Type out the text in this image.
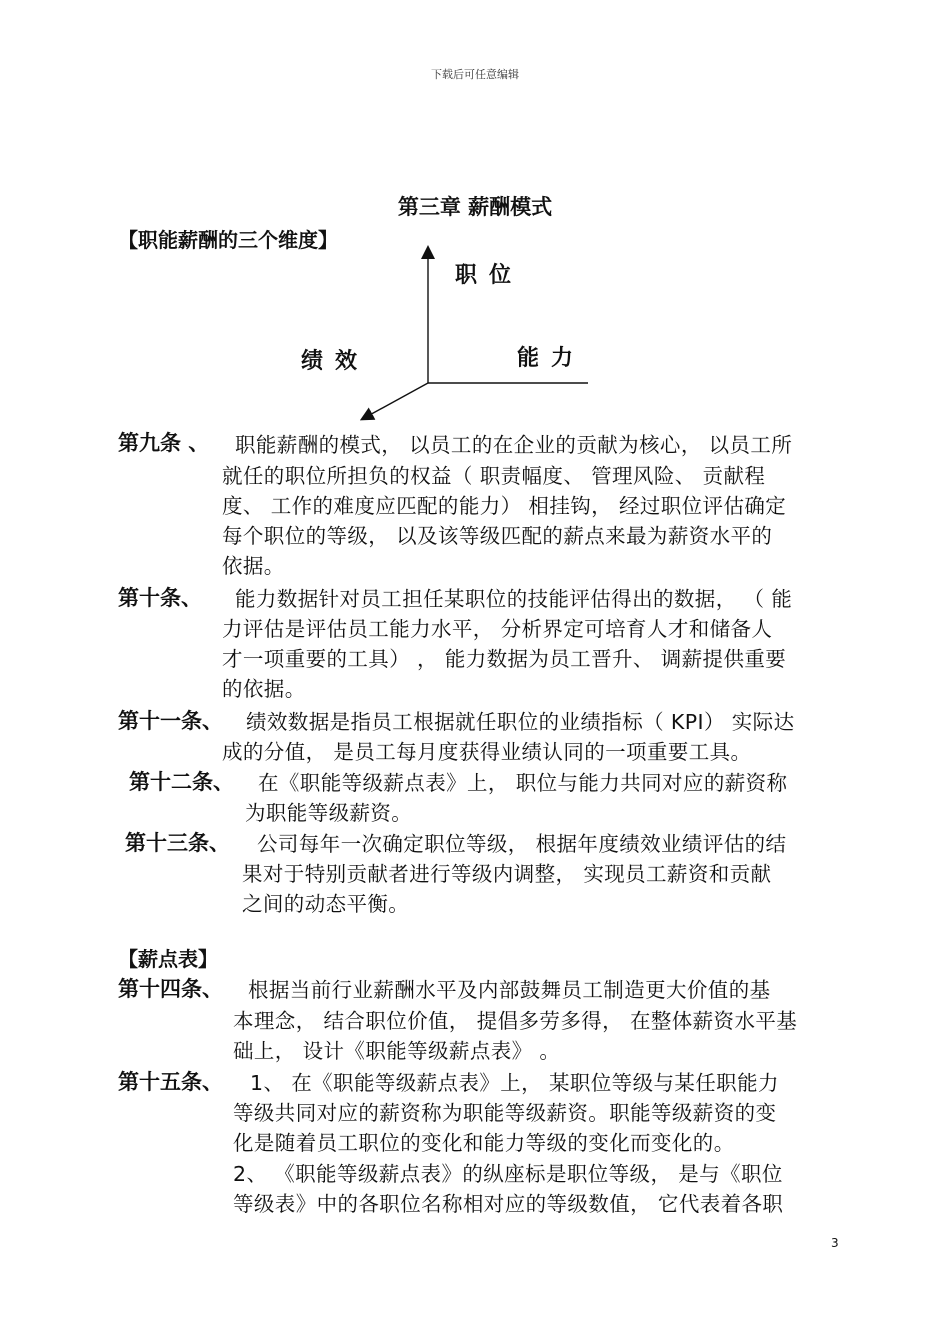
下载后可任意编辑
第三章 薪酬模式
【职能薪酬的三个维度】
职位
能力
绩效
第九条 、 职能薪酬的模式， 以员工的在企业的贡献为核心， 以员工所
就任的职位所担负的权益（ 职责幅度、 管理风险、 贡献程
度、 工作的难度应匹配的能力） 相挂钩， 经过职位评估确定
每个职位的等级， 以及该等级匹配的薪点来最为薪资水平的
依据。
第十条、 能力数据针对员工担任某职位的技能评估得出的数据， （ 能
力评估是评估员工能力水平， 分析界定可培育人才和储备人
才一项重要的工具） ， 能力数据为员工晋升、 调薪提供重要
的依据。
第十一条、 绩效数据是指员工根据就任职位的业绩指标（ KPI） 实际达
成的分值， 是员工每月度获得业绩认同的一项重要工具。
第十二条、 在《职能等级薪点表》上， 职位与能力共同对应的薪资称
为职能等级薪资。
第十三条、 公司每年一次确定职位等级， 根据年度绩效业绩评估的结
果对于特别贡献者进行等级内调整， 实现员工薪资和贡献
之间的动态平衡。
【薪点表】
第十四条、 根据当前行业薪酬水平及内部鼓舞员工制造更大价值的基
本理念， 结合职位价值， 提倡多劳多得， 在整体薪资水平基
础上， 设计《职能等级薪点表》 。
第十五条、 1、 在《职能等级薪点表》上， 某职位等级与某任职能力
等级共同对应的薪资称为职能等级薪资。职能等级薪资的变
化是随着员工职位的变化和能力等级的变化而变化的。
2、 《职能等级薪点表》的纵座标是职位等级， 是与《职位
等级表》中的各职位名称相对应的等级数值， 它代表着各职
3
